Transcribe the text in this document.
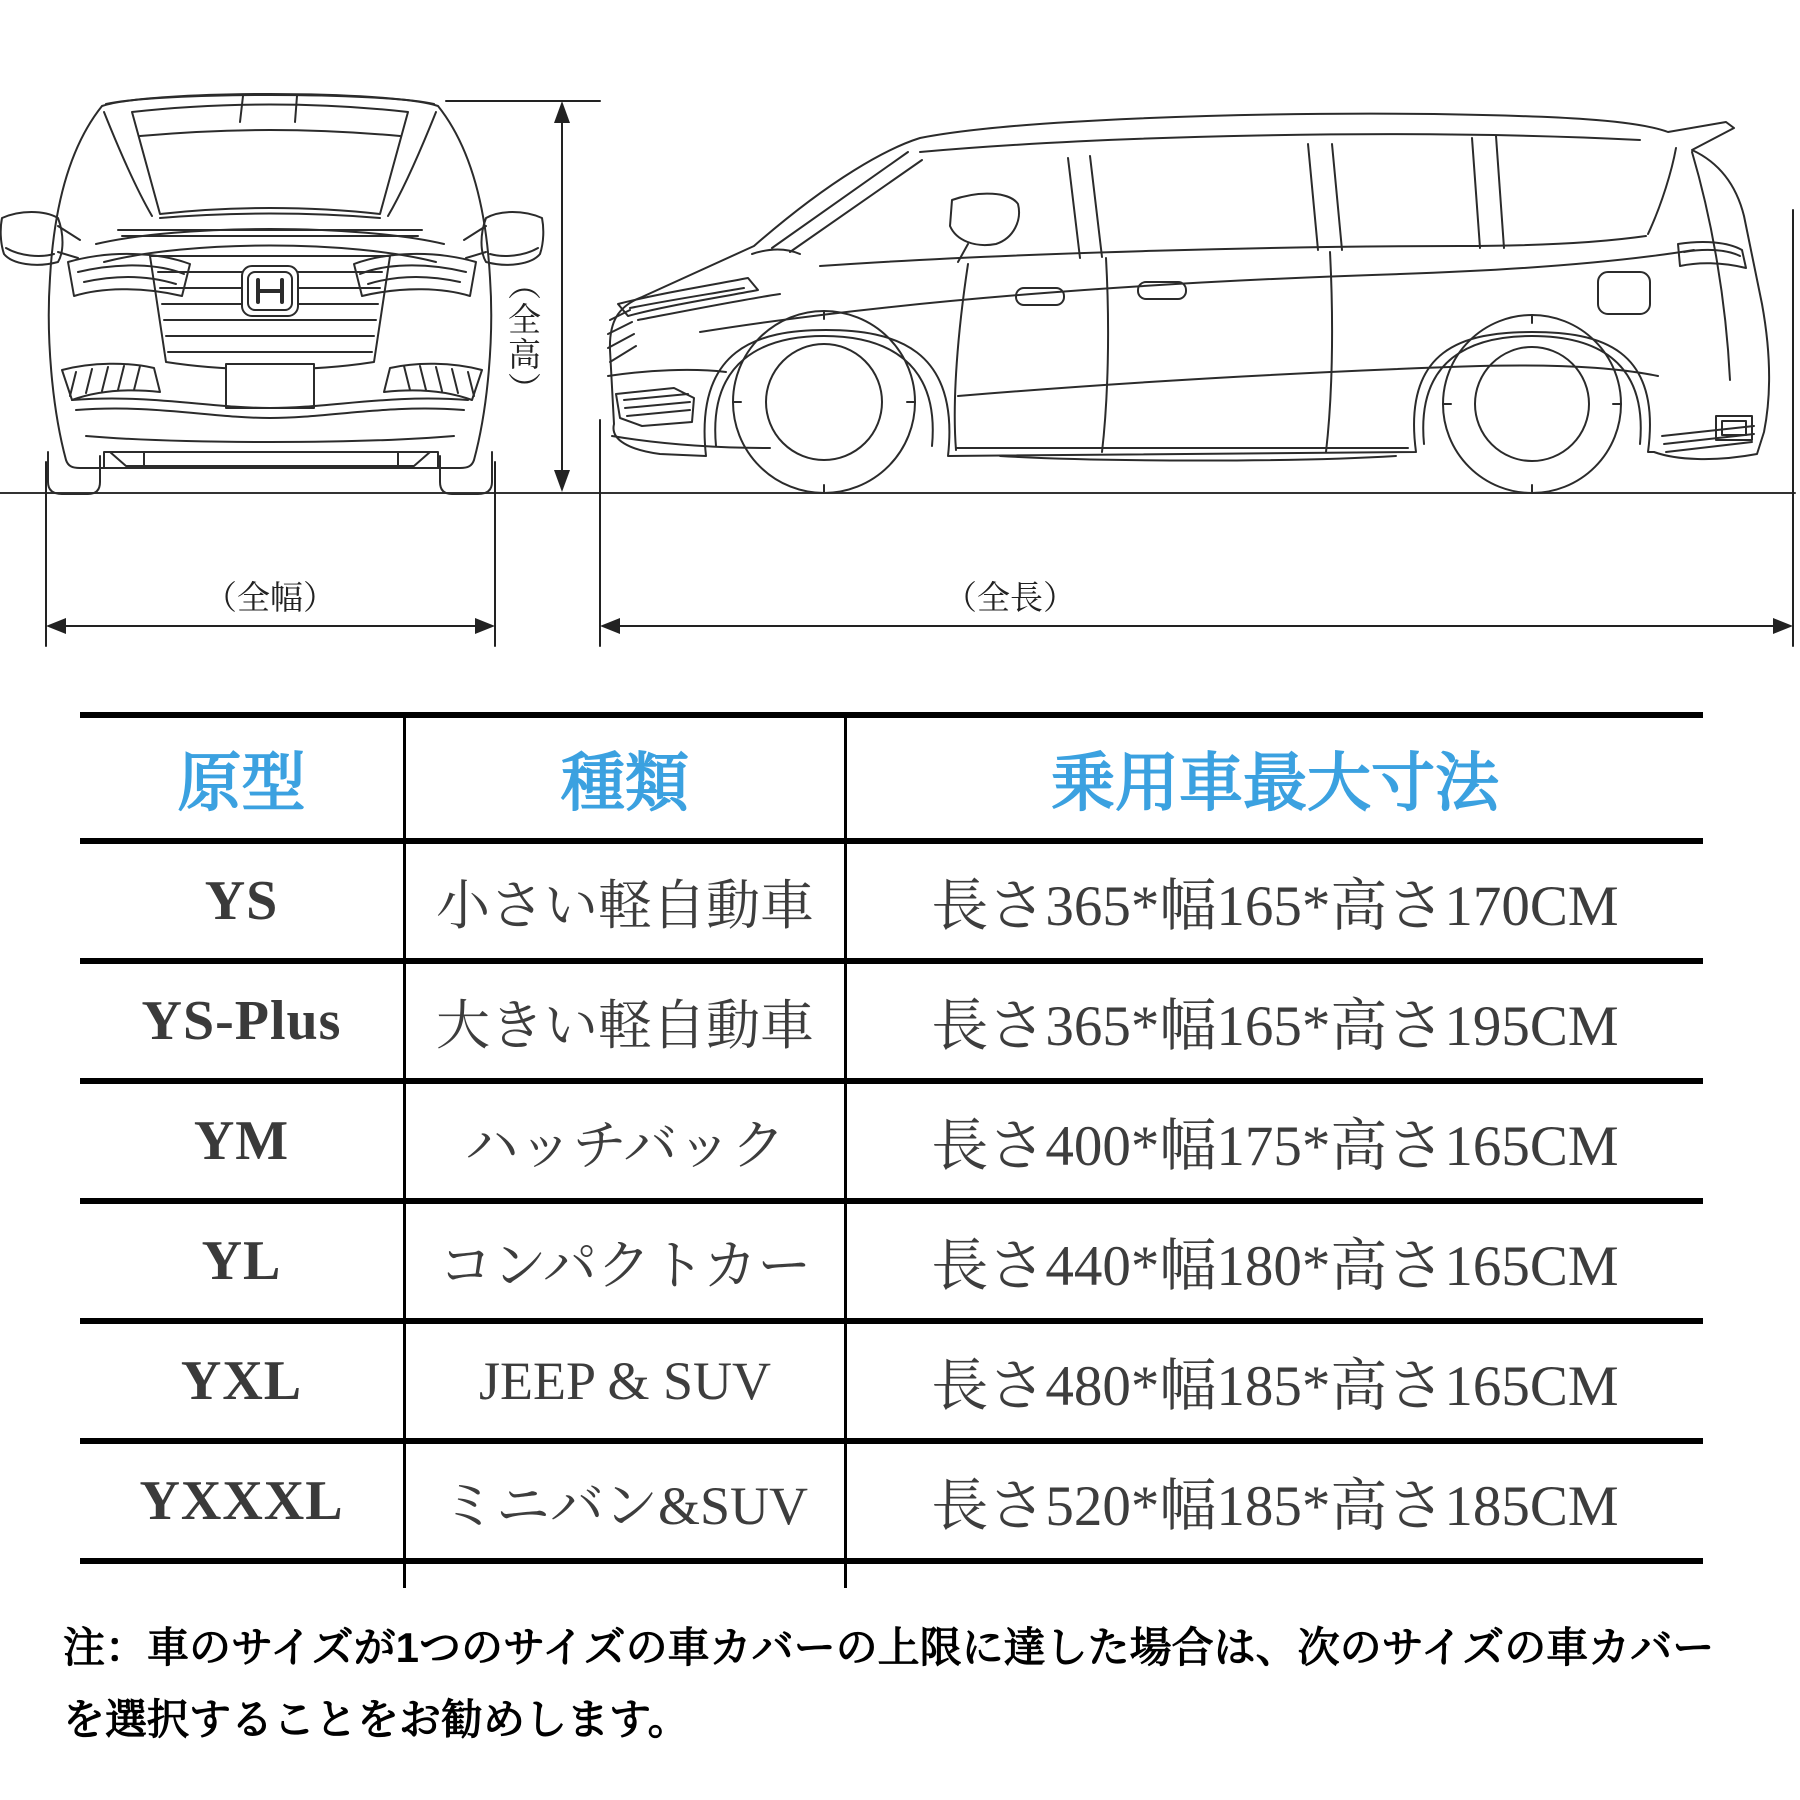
（全幅）
（全高）
（全長）
原型	種類	乗用車最大寸法
YS	小さい軽自動車	長さ365*幅165*高さ170CM
YS-Plus	大きい軽自動車	長さ365*幅165*高さ195CM
YM	ハッチバック	長さ400*幅175*高さ165CM
YL	コンパクトカー	長さ440*幅180*高さ165CM
YXL	JEEP & SUV	長さ480*幅185*高さ165CM
YXXXL	ミニバン&SUV	長さ520*幅185*高さ185CM
注：車のサイズが1つのサイズの車カバーの上限に達した場合は、次のサイズの車カバー
を選択することをお勧めします。
